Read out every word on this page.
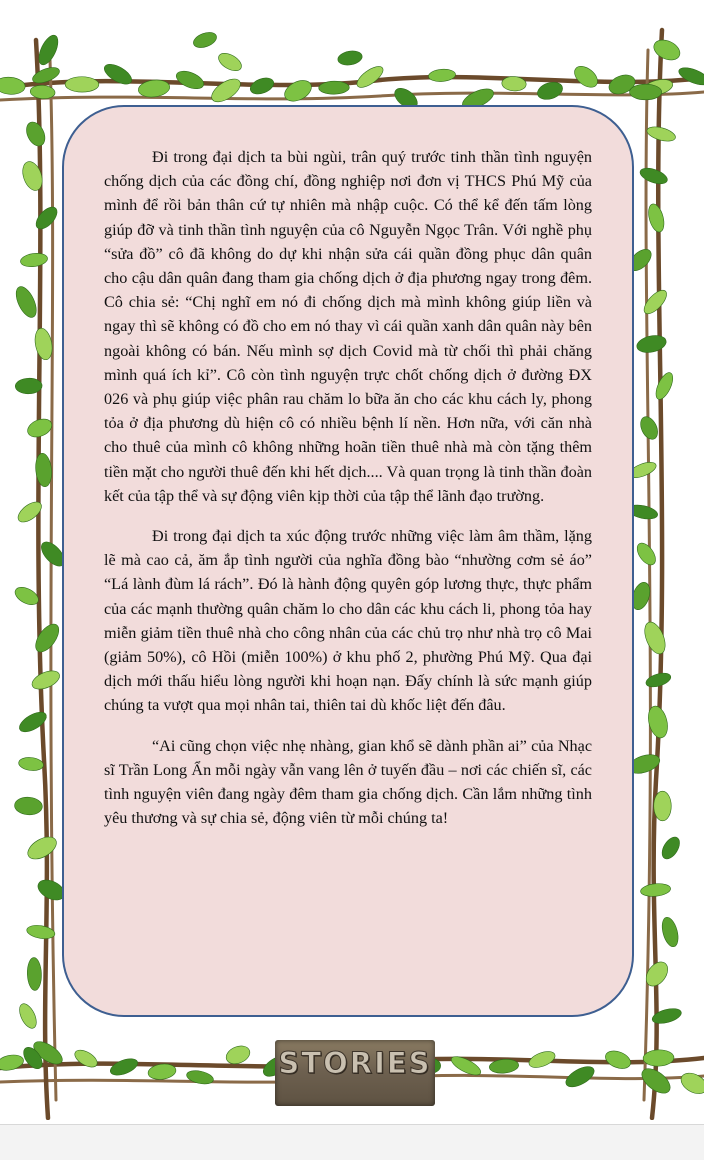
Đi trong đại dịch ta bùi ngùi, trân quý trước tinh thần tình nguyện chống dịch của các đồng chí, đồng nghiệp nơi đơn vị THCS Phú Mỹ của mình để rồi bản thân cứ tự nhiên mà nhập cuộc. Có thể kể đến tấm lòng giúp đỡ và tinh thần tình nguyện của cô Nguyễn Ngọc Trân. Với nghề phụ “sửa đồ” cô đã không do dự khi nhận sửa cái quần đồng phục dân quân cho cậu dân quân đang tham gia chống dịch ở địa phương ngay trong đêm. Cô chia sẻ: “Chị nghĩ em nó đi chống dịch mà mình không giúp liền và ngay thì sẽ không có đồ cho em nó thay vì cái quần xanh dân quân này bên ngoài không có bán. Nếu mình sợ dịch Covid mà từ chối thì phải chăng mình quá ích kỉ”. Cô còn tình nguyện trực chốt chống dịch ở đường ĐX 026 và phụ giúp việc phân rau chăm lo bữa ăn cho các khu cách ly, phong tỏa ở địa phương dù hiện cô có nhiều bệnh lí nền. Hơn nữa, với căn nhà cho thuê của mình cô không những hoãn tiền thuê nhà mà còn tặng thêm tiền mặt cho người thuê đến khi hết dịch.... Và quan trọng là tinh thần đoàn kết của tập thể và sự động viên kịp thời của tập thể lãnh đạo trường.

Đi trong đại dịch ta xúc động trước những việc làm âm thầm, lặng lẽ mà cao cả, ăm ắp tình người của nghĩa đồng bào “nhường cơm sẻ áo” “Lá lành đùm lá rách”. Đó là hành động quyên góp lương thực, thực phẩm của các mạnh thường quân chăm lo cho dân các khu cách li, phong tỏa hay miễn giảm tiền thuê nhà cho công nhân của các chủ trọ như nhà trọ cô Mai (giảm 50%), cô Hồi (miễn 100%) ở khu phố 2, phường Phú Mỹ. Qua đại dịch mới thấu hiểu lòng người khi hoạn nạn. Đấy chính là sức mạnh giúp chúng ta vượt qua mọi nhân tai, thiên tai dù khốc liệt đến đâu.

“Ai cũng chọn việc nhẹ nhàng, gian khổ sẽ dành phần ai” của Nhạc sĩ Trần Long Ẩn mỗi ngày vẫn vang lên ở tuyến đầu – nơi các chiến sĩ, các tình nguyện viên đang ngày đêm tham gia chống dịch. Cần lắm những tình yêu thương và sự chia sẻ, động viên từ mỗi chúng ta!

STORIES
